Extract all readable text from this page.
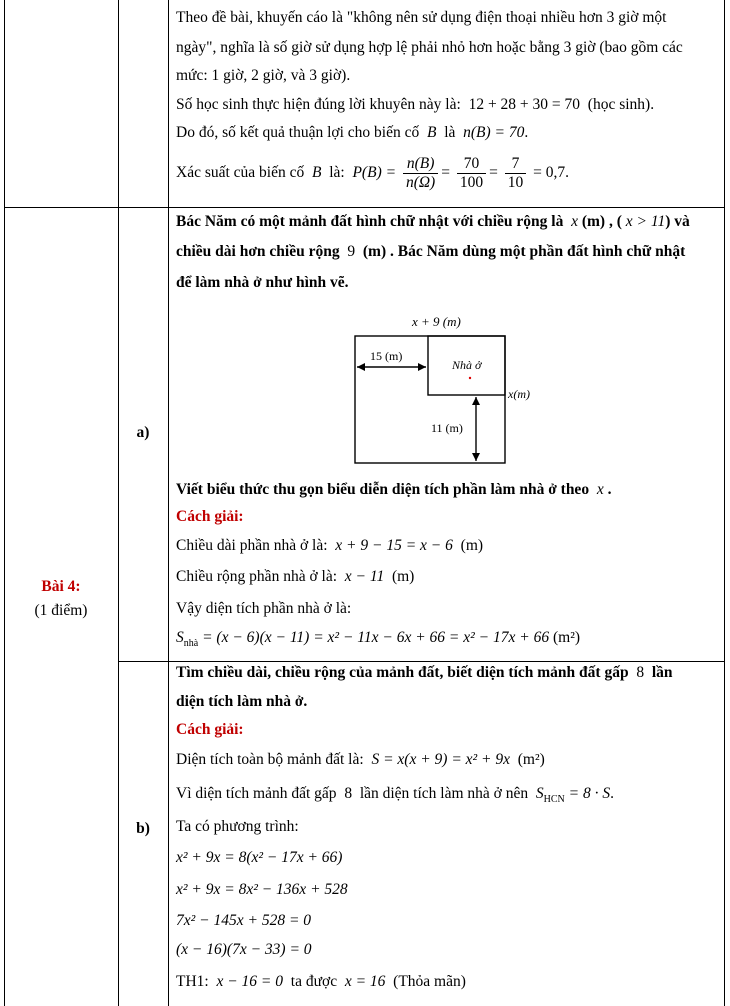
Theo đề bài, khuyến cáo là "không nên sử dụng điện thoại nhiều hơn 3 giờ một
ngày", nghĩa là số giờ sử dụng hợp lệ phải nhỏ hơn hoặc bằng 3 giờ (bao gồm các
mức: 1 giờ, 2 giờ, và 3 giờ).
Số học sinh thực hiện đúng lời khuyên này là: 12 + 28 + 30 = 70 (học sinh).
Do đó, số kết quả thuận lợi cho biến cố B là n(B) = 70.
Xác suất của biến cố B là: $P(B) = \frac{n(B)}{n(\Omega)} = \frac{70}{100} = \frac{7}{10} = 0,7$.
Bài 4:
(1 điểm)
a)
Bác Năm có một mảnh đất hình chữ nhật với chiều rộng là x (m) , ( x > 11) và
chiều dài hơn chiều rộng 9 (m) . Bác Năm dùng một phần đất hình chữ nhật
để làm nhà ở như hình vẽ.
x + 9 (m)
15 (m)
Nhà ở
x(m)
11 (m)
Viết biểu thức thu gọn biểu diễn diện tích phần làm nhà ở theo x .
Cách giải:
Chiều dài phần nhà ở là: x + 9 − 15 = x − 6 (m)
Chiều rộng phần nhà ở là: x − 11 (m)
Vậy diện tích phần nhà ở là:
$S_{nhà} = (x - 6)(x - 11) = x^2 - 11x - 6x + 66 = x^2 - 17x + 66$ (m²)
b)
Tìm chiều dài, chiều rộng của mảnh đất, biết diện tích mảnh đất gấp 8 lần
diện tích làm nhà ở.
Cách giải:
Diện tích toàn bộ mảnh đất là: S = x(x + 9) = x² + 9x (m²)
Vì diện tích mảnh đất gấp 8 lần diện tích làm nhà ở nên $S_{HCN} = 8 \cdot S$.
Ta có phương trình:
x² + 9x = 8(x² − 17x + 66)
x² + 9x = 8x² − 136x + 528
7x² − 145x + 528 = 0
(x − 16)(7x − 33) = 0
TH1: x − 16 = 0 ta được x = 16 (Thỏa mãn)
